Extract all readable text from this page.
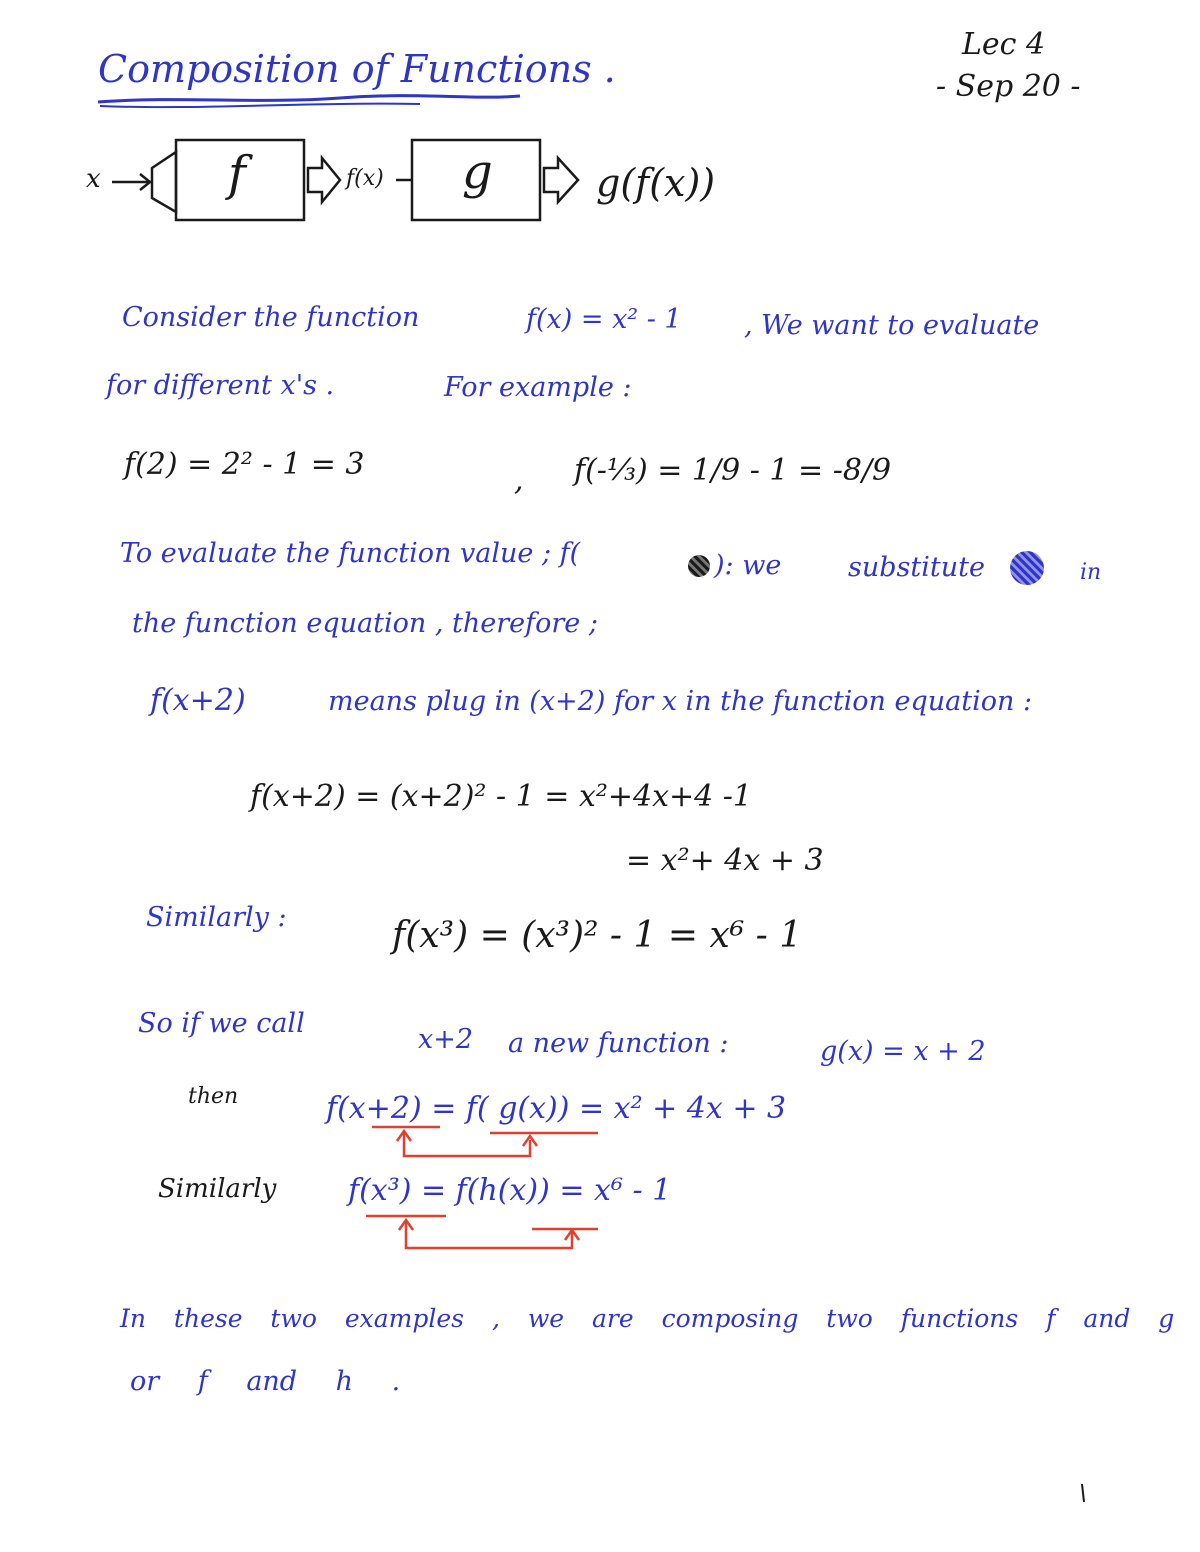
Composition of Functions .
Lec 4
- Sep 20 -
x	f	f(x) g	g(f(x))
Consider the function	f(x) = x² - 1 , We want to evaluate
for different x's .	For example :
f(2) = 2² - 1 = 3	, f(-⅓) = 1/9 - 1 = -8/9
To evaluate the function value ; f(	): we substitute	in
the function equation , therefore ;
f(x+2)	means plug in (x+2) for x in the function equation :
f(x+2) = (x+2)² - 1 = x²+4x+4 -1
= x²+ 4x + 3
Similarly :	f(x³) = (x³)² - 1 = x⁶ - 1
So if we call
x+2 a new function :	g(x) = x + 2
then	f(x+2) = f( g(x)) = x² + 4x + 3
Similarly f(x³) = f(h(x)) = x⁶ - 1
In these two examples , we are composing two functions f and g
or f and h .
